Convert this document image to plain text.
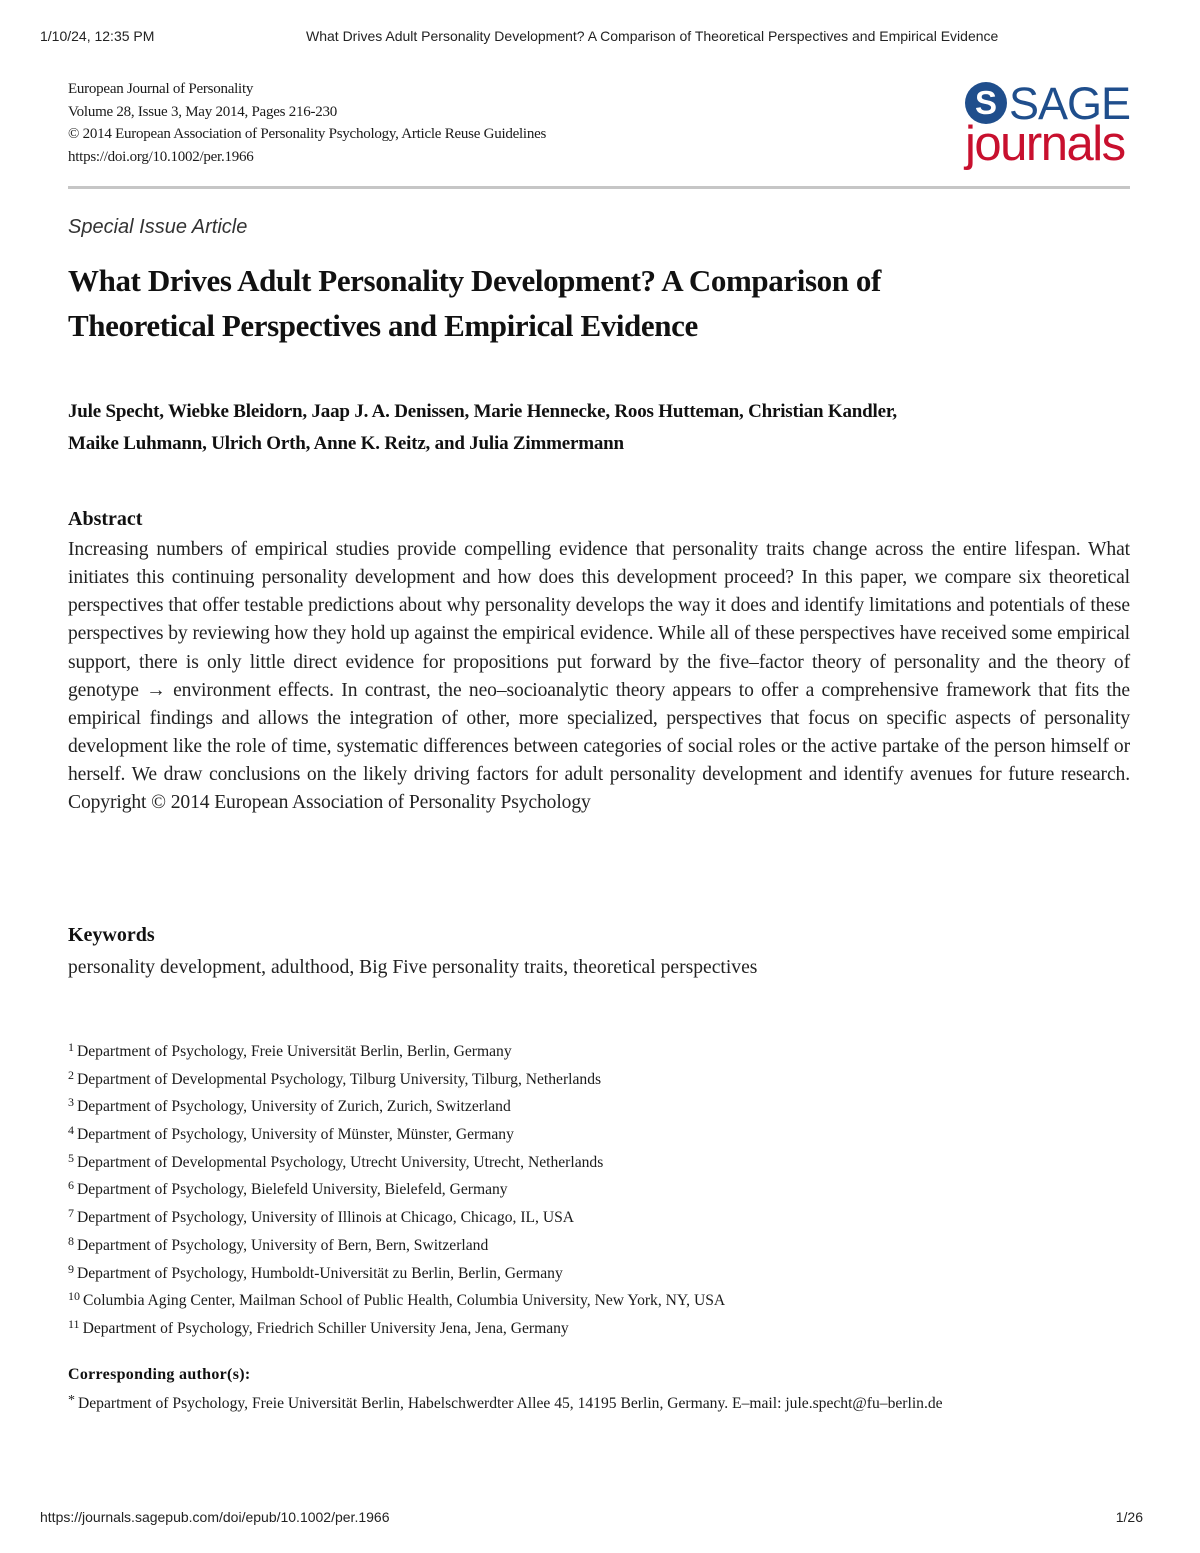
1/10/24, 12:35 PM	What Drives Adult Personality Development? A Comparison of Theoretical Perspectives and Empirical Evidence
European Journal of Personality
Volume 28, Issue 3, May 2014, Pages 216-230
© 2014 European Association of Personality Psychology, Article Reuse Guidelines
https://doi.org/10.1002/per.1966
S SAGE
journals
Special Issue Article
What Drives Adult Personality Development? A Comparison of
Theoretical Perspectives and Empirical Evidence
Jule Specht, Wiebke Bleidorn, Jaap J. A. Denissen, Marie Hennecke, Roos Hutteman, Christian Kandler,
Maike Luhmann, Ulrich Orth, Anne K. Reitz, and Julia Zimmermann
Abstract

Increasing numbers of empirical studies provide compelling evidence that personality traits change across the entire lifespan. What initiates this continuing personality development and how does this development proceed? In this paper, we compare six theoretical perspectives that offer testable predictions about why personality develops the way it does and identify limitations and potentials of these perspectives by reviewing how they hold up against the empirical evidence. While all of these perspectives have received some empirical support, there is only little direct evidence for propositions put forward by the five–factor theory of personality and the theory of genotype → environment effects. In contrast, the neo–socioanalytic theory appears to offer a comprehensive framework that fits the empirical findings and allows the integration of other, more specialized, perspectives that focus on specific aspects of personality development like the role of time, systematic differences between categories of social roles or the active partake of the person himself or herself. We draw conclusions on the likely driving factors for adult personality development and identify avenues for future research. Copyright © 2014 European Association of Personality Psychology

Keywords
personality development, adulthood, Big Five personality traits, theoretical perspectives
$^1$ Department of Psychology, Freie Universität Berlin, Berlin, Germany
$^2$ Department of Developmental Psychology, Tilburg University, Tilburg, Netherlands
$^3$ Department of Psychology, University of Zurich, Zurich, Switzerland
$^4$ Department of Psychology, University of Münster, Münster, Germany
$^5$ Department of Developmental Psychology, Utrecht University, Utrecht, Netherlands
$^6$ Department of Psychology, Bielefeld University, Bielefeld, Germany
$^7$ Department of Psychology, University of Illinois at Chicago, Chicago, IL, USA
$^8$ Department of Psychology, University of Bern, Bern, Switzerland
$^9$ Department of Psychology, Humboldt-Universität zu Berlin, Berlin, Germany
$^{10}$ Columbia Aging Center, Mailman School of Public Health, Columbia University, New York, NY, USA
$^{11}$ Department of Psychology, Friedrich Schiller University Jena, Jena, Germany
Corresponding author(s):
* Department of Psychology, Freie Universität Berlin, Habelschwerdter Allee 45, 14195 Berlin, Germany. E–mail: jule.specht@fu–berlin.de
https://journals.sagepub.com/doi/epub/10.1002/per.1966	1/26
